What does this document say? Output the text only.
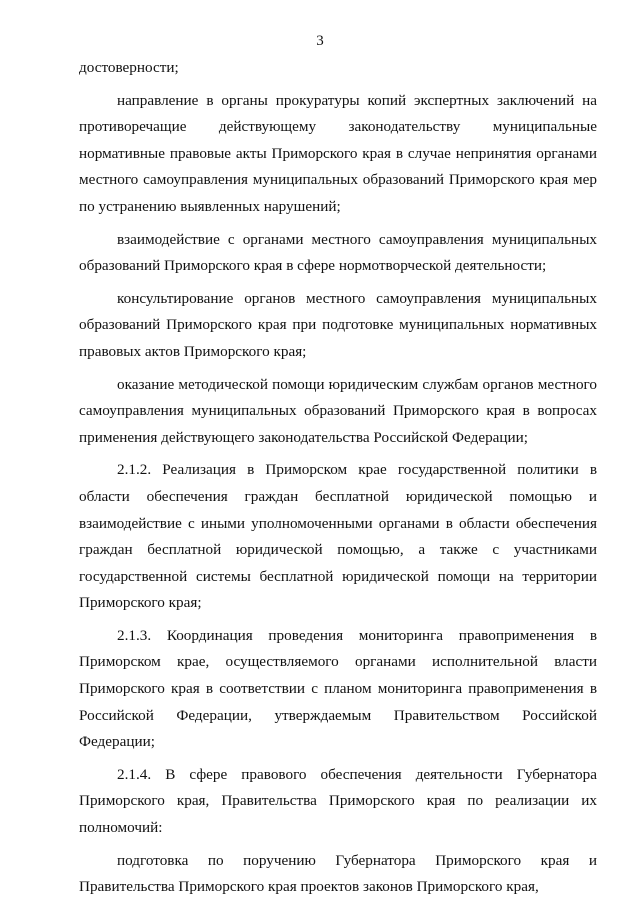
3

достоверности;

направление в органы прокуратуры копий экспертных заключений на противоречащие действующему законодательству муниципальные нормативные правовые акты Приморского края в случае непринятия органами местного самоуправления муниципальных образований Приморского края мер по устранению выявленных нарушений;

взаимодействие с органами местного самоуправления муниципальных образований Приморского края в сфере нормотворческой деятельности;

консультирование органов местного самоуправления муниципальных образований Приморского края при подготовке муниципальных нормативных правовых актов Приморского края;

оказание методической помощи юридическим службам органов местного самоуправления муниципальных образований Приморского края в вопросах применения действующего законодательства Российской Федерации;

2.1.2. Реализация в Приморском крае государственной политики в области обеспечения граждан бесплатной юридической помощью и взаимодействие с иными уполномоченными органами в области обеспечения граждан бесплатной юридической помощью, а также с участниками государственной системы бесплатной юридической помощи на территории Приморского края;

2.1.3. Координация проведения мониторинга правоприменения в Приморском крае, осуществляемого органами исполнительной власти Приморского края в соответствии с планом мониторинга правоприменения в Российской Федерации, утверждаемым Правительством Российской Федерации;

2.1.4. В сфере правового обеспечения деятельности Губернатора Приморского края, Правительства Приморского края по реализации их полномочий:

подготовка по поручению Губернатора Приморского края и Правительства Приморского края проектов законов Приморского края,
